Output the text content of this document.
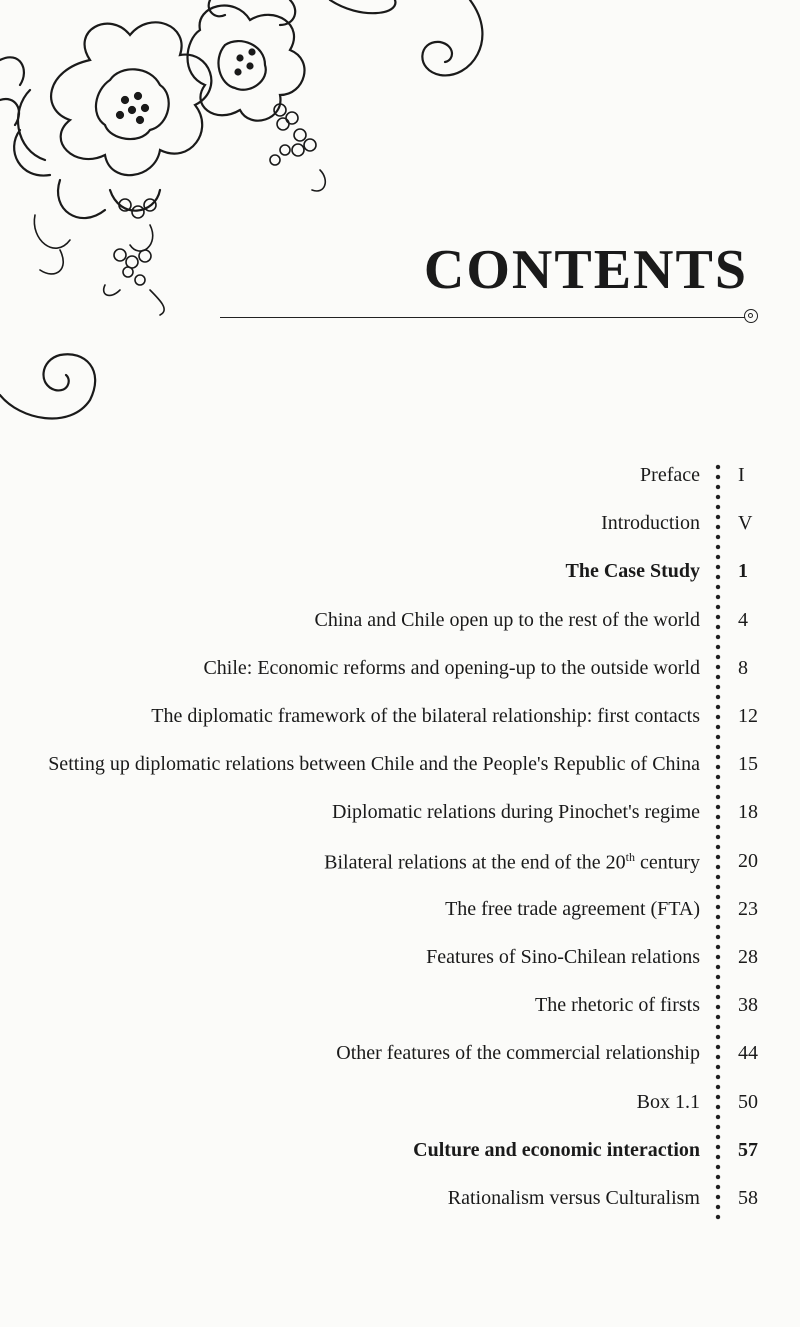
CONTENTS
Preface I
Introduction V
The Case Study 1
China and Chile open up to the rest of the world 4
Chile: Economic reforms and opening-up to the outside world 8
The diplomatic framework of the bilateral relationship: first contacts 12
Setting up diplomatic relations between Chile and the People's Republic of China 15
Diplomatic relations during Pinochet's regime 18
Bilateral relations at the end of the 20th century 20
The free trade agreement (FTA) 23
Features of Sino-Chilean relations 28
The rhetoric of firsts 38
Other features of the commercial relationship 44
Box 1.1 50
Culture and economic interaction 57
Rationalism versus Culturalism 58
